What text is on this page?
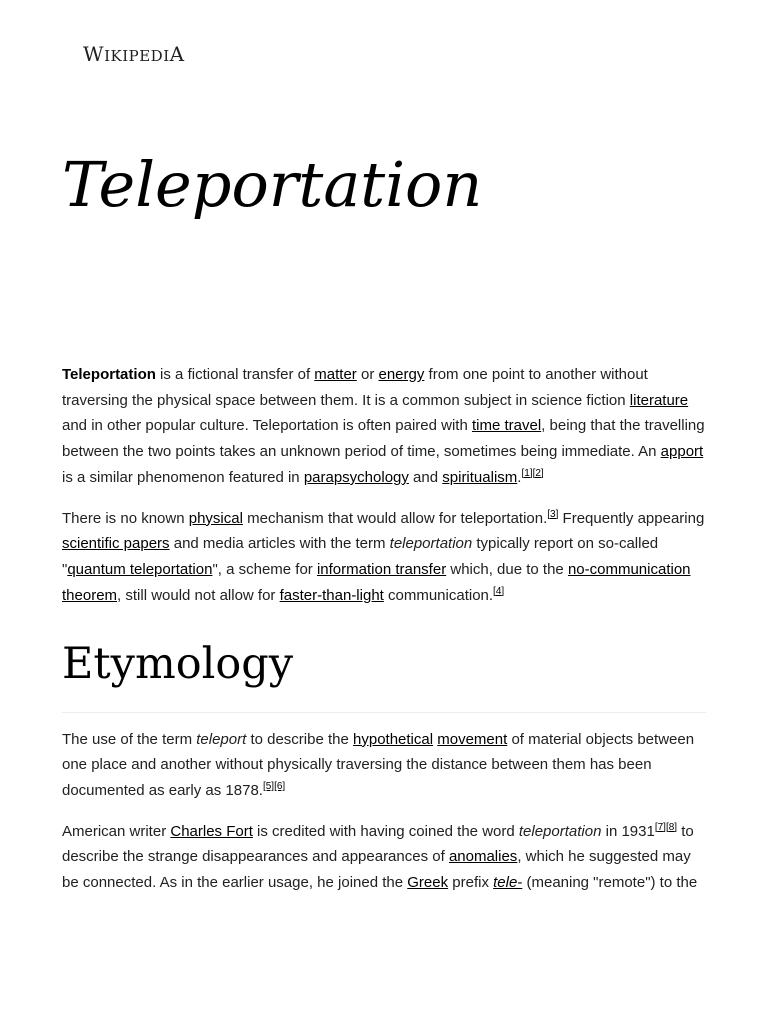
WIKIPEDIA
Teleportation

Teleportation is a fictional transfer of matter or energy from one point to another without traversing the physical space between them. It is a common subject in science fiction literature and in other popular culture. Teleportation is often paired with time travel, being that the travelling between the two points takes an unknown period of time, sometimes being immediate. An apport is a similar phenomenon featured in parapsychology and spiritualism.[1][2]

There is no known physical mechanism that would allow for teleportation.[3] Frequently appearing scientific papers and media articles with the term teleportation typically report on so-called "quantum teleportation", a scheme for information transfer which, due to the no-communication theorem, still would not allow for faster-than-light communication.[4]

Etymology

The use of the term teleport to describe the hypothetical movement of material objects between one place and another without physically traversing the distance between them has been documented as early as 1878.[5][6]

American writer Charles Fort is credited with having coined the word teleportation in 1931[7][8] to describe the strange disappearances and appearances of anomalies, which he suggested may be connected. As in the earlier usage, he joined the Greek prefix tele- (meaning "remote") to the
